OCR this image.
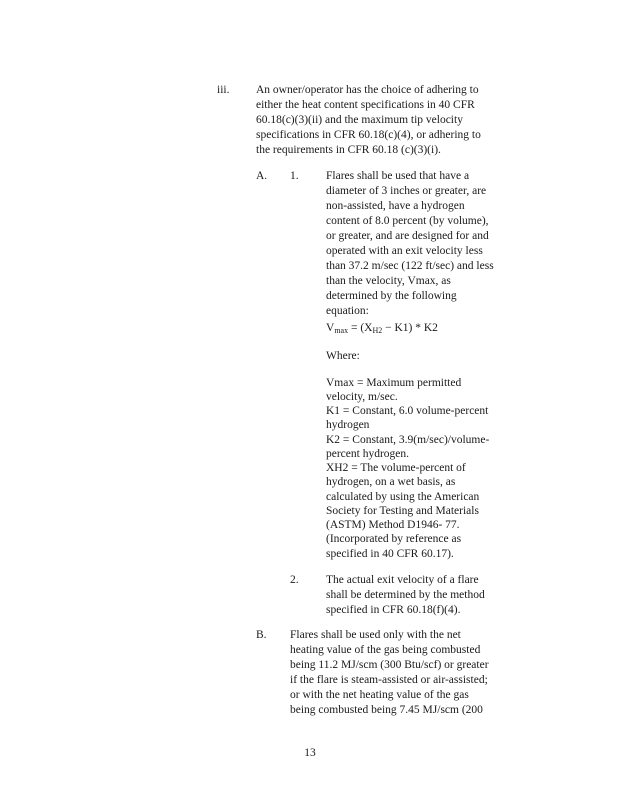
iii. An owner/operator has the choice of adhering to
either the heat content specifications in 40 CFR
60.18(c)(3)(ii) and the maximum tip velocity
specifications in CFR 60.18(c)(4), or adhering to
the requirements in CFR 60.18 (c)(3)(i).
A. 1. Flares shall be used that have a
diameter of 3 inches or greater, are
non-assisted, have a hydrogen
content of 8.0 percent (by volume),
or greater, and are designed for and
operated with an exit velocity less
than 37.2 m/sec (122 ft/sec) and less
than the velocity, Vmax, as
determined by the following
equation:
$V_{max} = (X_{H2} - K1) * K2$
Where:
Vmax = Maximum permitted
velocity, m/sec.
K1 = Constant, 6.0 volume-percent
hydrogen
K2 = Constant, 3.9(m/sec)/volume-
percent hydrogen.
XH2 = The volume-percent of
hydrogen, on a wet basis, as
calculated by using the American
Society for Testing and Materials
(ASTM) Method D1946- 77.
(Incorporated by reference as
specified in 40 CFR 60.17).
2. The actual exit velocity of a flare
shall be determined by the method
specified in CFR 60.18(f)(4).
B. Flares shall be used only with the net
heating value of the gas being combusted
being 11.2 MJ/scm (300 Btu/scf) or greater
if the flare is steam-assisted or air-assisted;
or with the net heating value of the gas
being combusted being 7.45 MJ/scm (200
13
